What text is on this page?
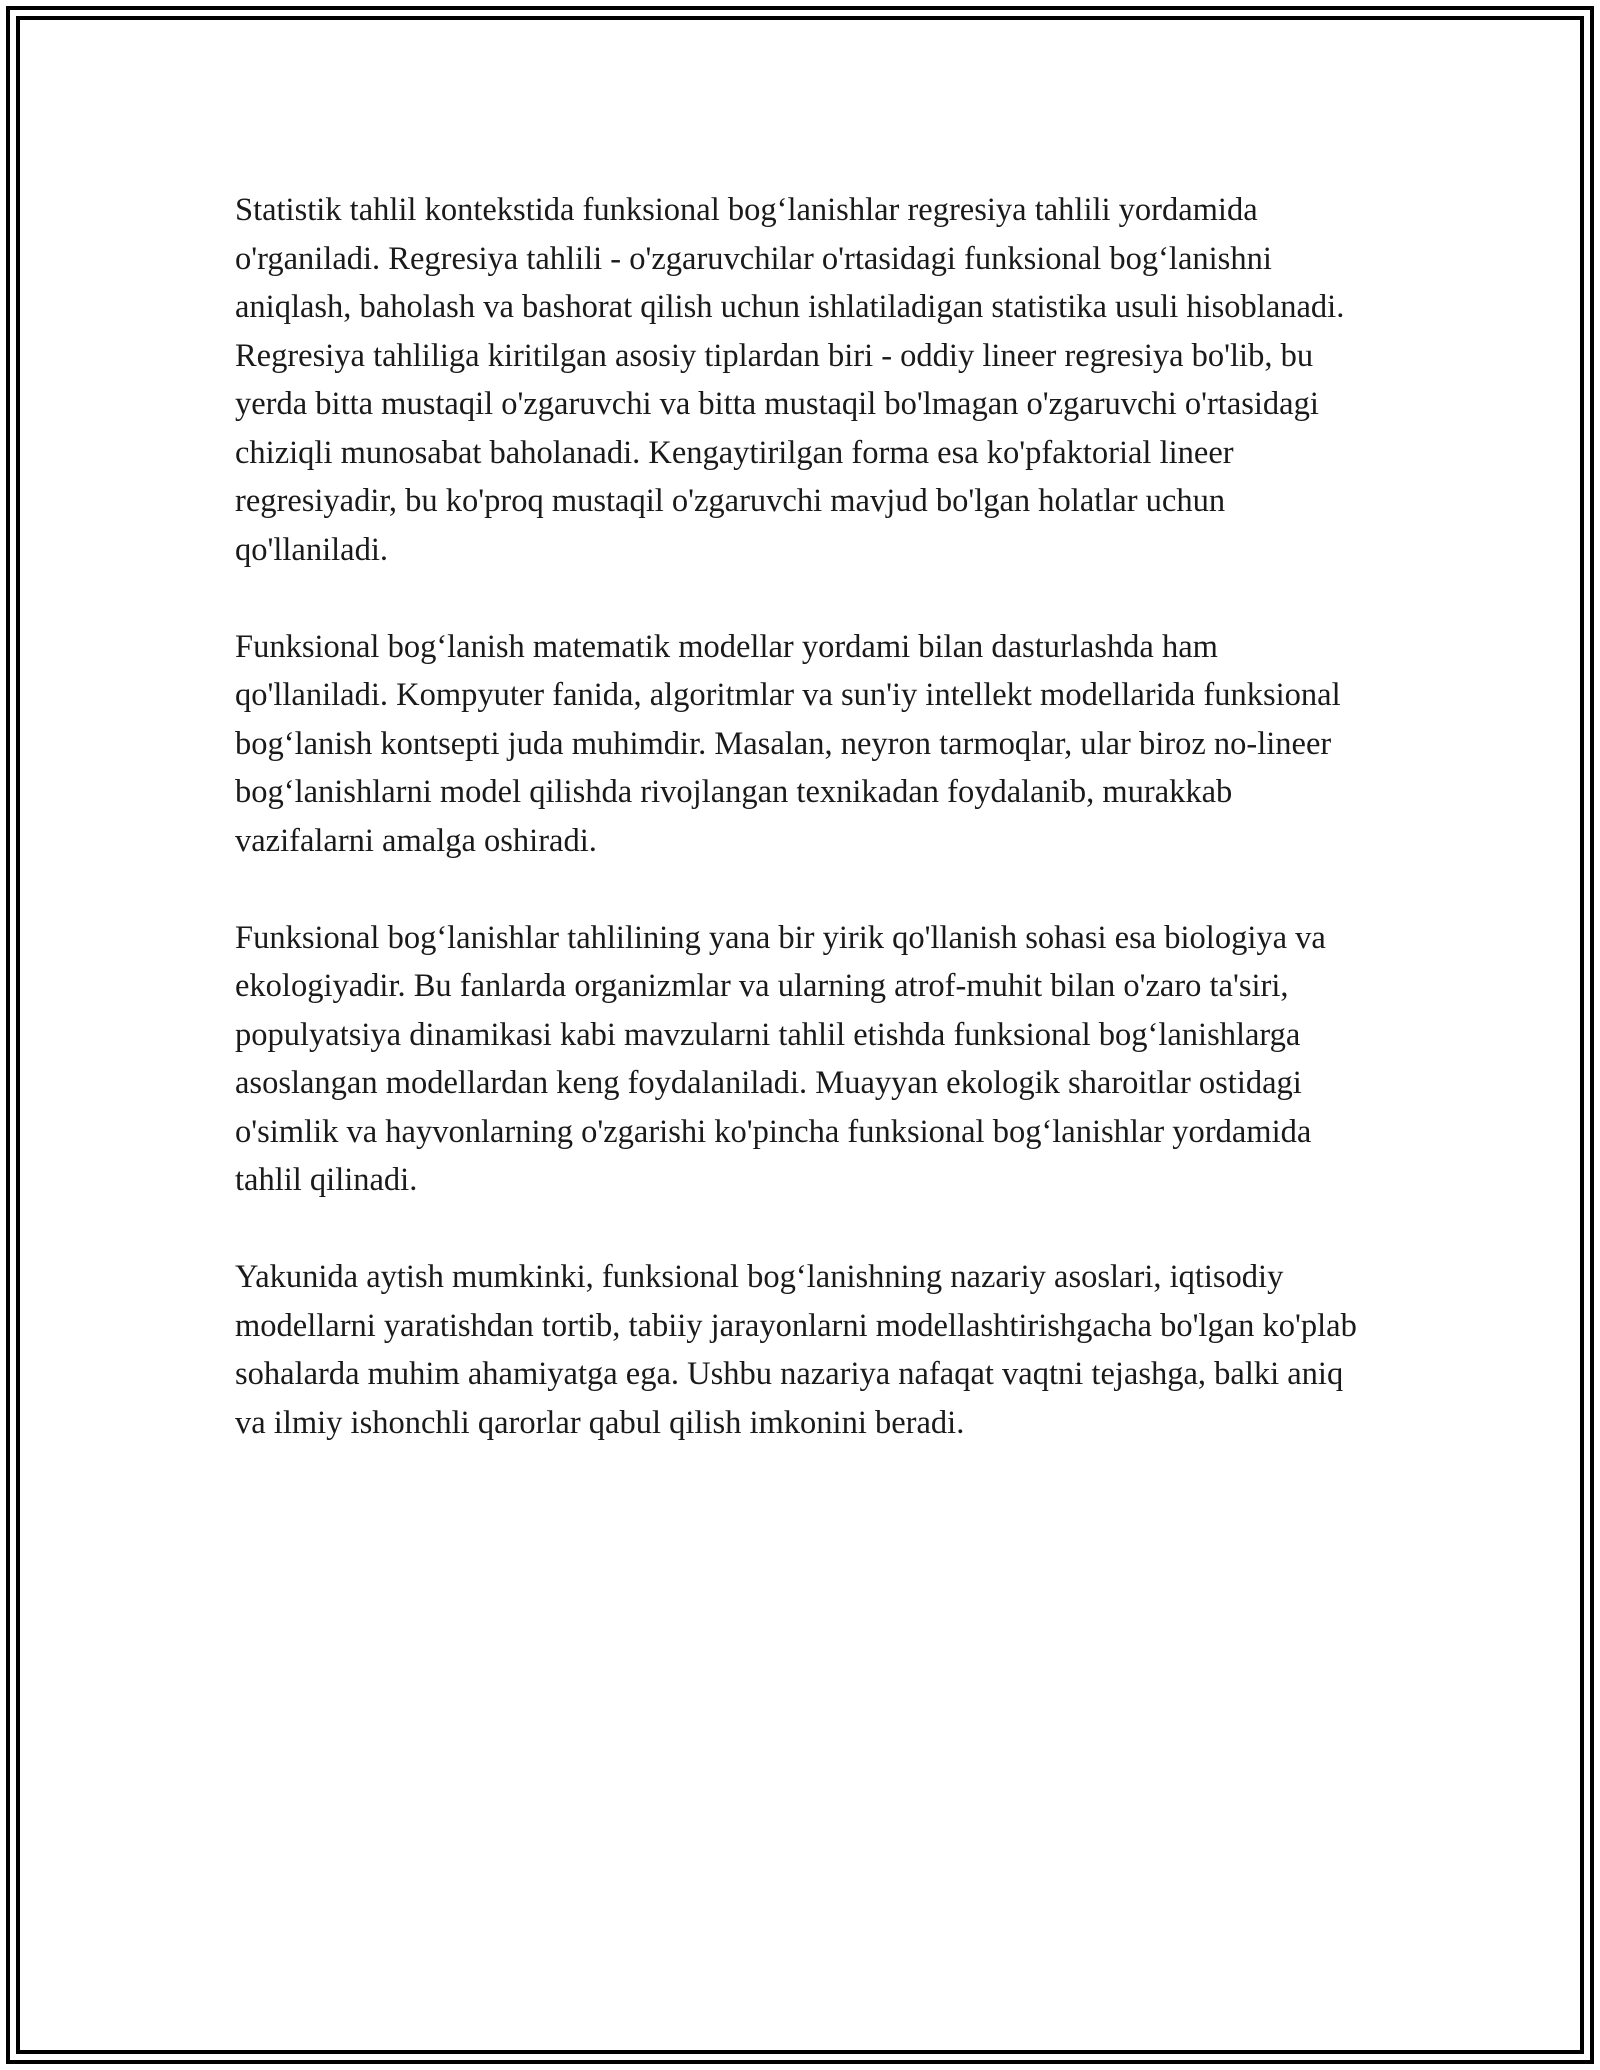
Statistik tahlil kontekstida funksional bog‘lanishlar regresiya tahlili yordamida o'rganiladi. Regresiya tahlili - o'zgaruvchilar o'rtasidagi funksional bog‘lanishni aniqlash, baholash va bashorat qilish uchun ishlatiladigan statistika usuli hisoblanadi. Regresiya tahliliga kiritilgan asosiy tiplardan biri - oddiy lineer regresiya bo'lib, bu yerda bitta mustaqil o'zgaruvchi va bitta mustaqil bo'lmagan o'zgaruvchi o'rtasidagi chiziqli munosabat baholanadi. Kengaytirilgan forma esa ko'pfaktorial lineer regresiyadir, bu ko'proq mustaqil o'zgaruvchi mavjud bo'lgan holatlar uchun qo'llaniladi.

Funksional bog‘lanish matematik modellar yordami bilan dasturlashda ham qo'llaniladi. Kompyuter fanida, algoritmlar va sun'iy intellekt modellarida funksional bog‘lanish kontsepti juda muhimdir. Masalan, neyron tarmoqlar, ular biroz no-lineer bog‘lanishlarni model qilishda rivojlangan texnikadan foydalanib, murakkab vazifalarni amalga oshiradi.

Funksional bog‘lanishlar tahlilining yana bir yirik qo'llanish sohasi esa biologiya va ekologiyadir. Bu fanlarda organizmlar va ularning atrof-muhit bilan o'zaro ta'siri, populyatsiya dinamikasi kabi mavzularni tahlil etishda funksional bog‘lanishlarga asoslangan modellardan keng foydalaniladi. Muayyan ekologik sharoitlar ostidagi o'simlik va hayvonlarning o'zgarishi ko'pincha funksional bog‘lanishlar yordamida tahlil qilinadi.

Yakunida aytish mumkinki, funksional bog‘lanishning nazariy asoslari, iqtisodiy modellarni yaratishdan tortib, tabiiy jarayonlarni modellashtirishgacha bo'lgan ko'plab sohalarda muhim ahamiyatga ega. Ushbu nazariya nafaqat vaqtni tejashga, balki aniq va ilmiy ishonchli qarorlar qabul qilish imkonini beradi.
